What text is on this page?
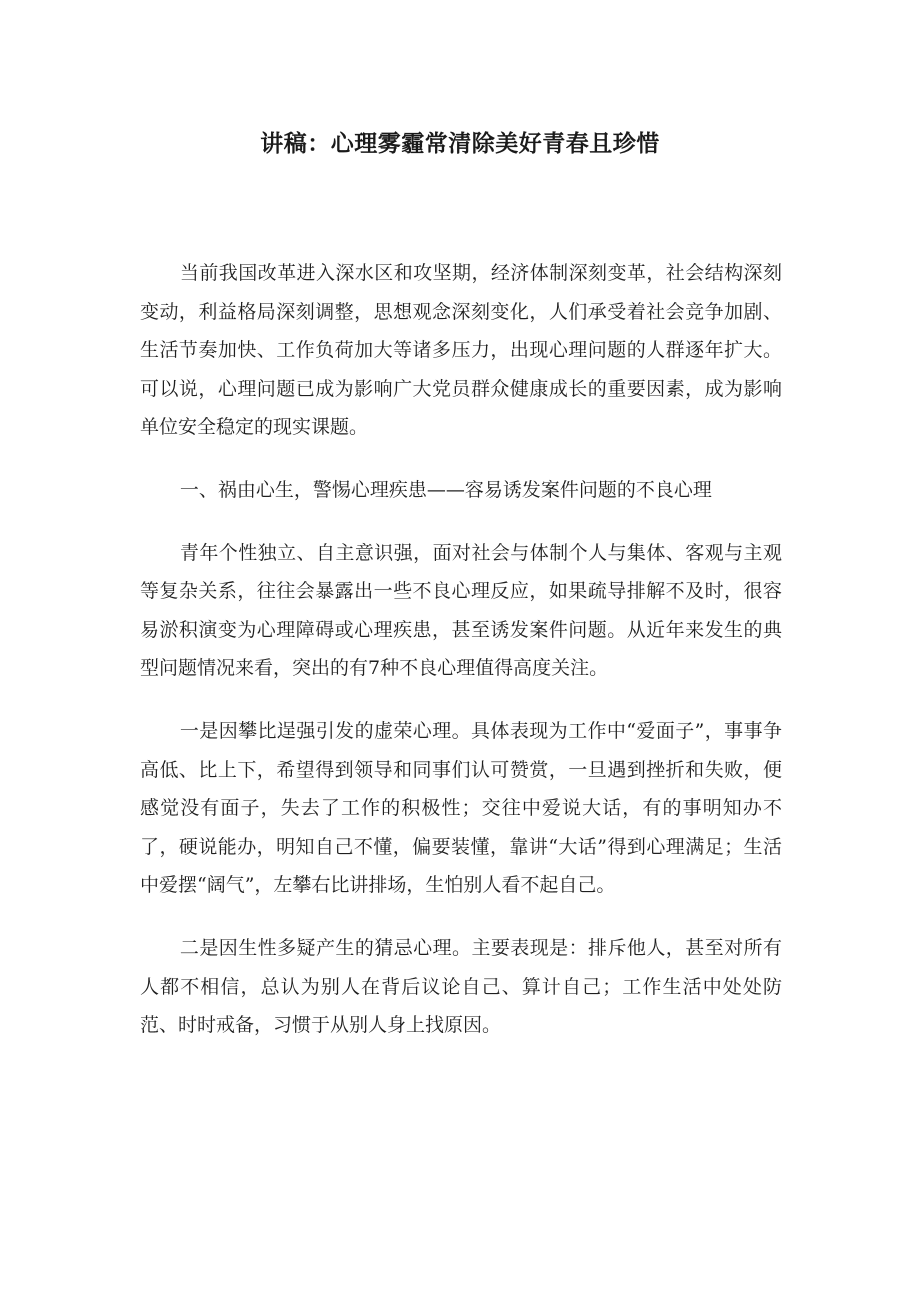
讲稿：心理雾霾常清除美好青春且珍惜

当前我国改革进入深水区和攻坚期，经济体制深刻变革，社会结构深刻变动，利益格局深刻调整，思想观念深刻变化，人们承受着社会竞争加剧、生活节奏加快、工作负荷加大等诸多压力，出现心理问题的人群逐年扩大。可以说，心理问题已成为影响广大党员群众健康成长的重要因素，成为影响单位安全稳定的现实课题。

一、祸由心生，警惕心理疾患——容易诱发案件问题的不良心理

青年个性独立、自主意识强，面对社会与体制个人与集体、客观与主观等复杂关系，往往会暴露出一些不良心理反应，如果疏导排解不及时，很容易淤积演变为心理障碍或心理疾患，甚至诱发案件问题。从近年来发生的典型问题情况来看，突出的有7种不良心理值得高度关注。

一是因攀比逞强引发的虚荣心理。具体表现为工作中“爱面子”，事事争高低、比上下，希望得到领导和同事们认可赞赏，一旦遇到挫折和失败，便感觉没有面子，失去了工作的积极性；交往中爱说大话，有的事明知办不了，硬说能办，明知自己不懂，偏要装懂，靠讲“大话”得到心理满足；生活中爱摆“阔气”，左攀右比讲排场，生怕别人看不起自己。

二是因生性多疑产生的猜忌心理。主要表现是：排斥他人，甚至对所有人都不相信，总认为别人在背后议论自己、算计自己；工作生活中处处防范、时时戒备，习惯于从别人身上找原因。
